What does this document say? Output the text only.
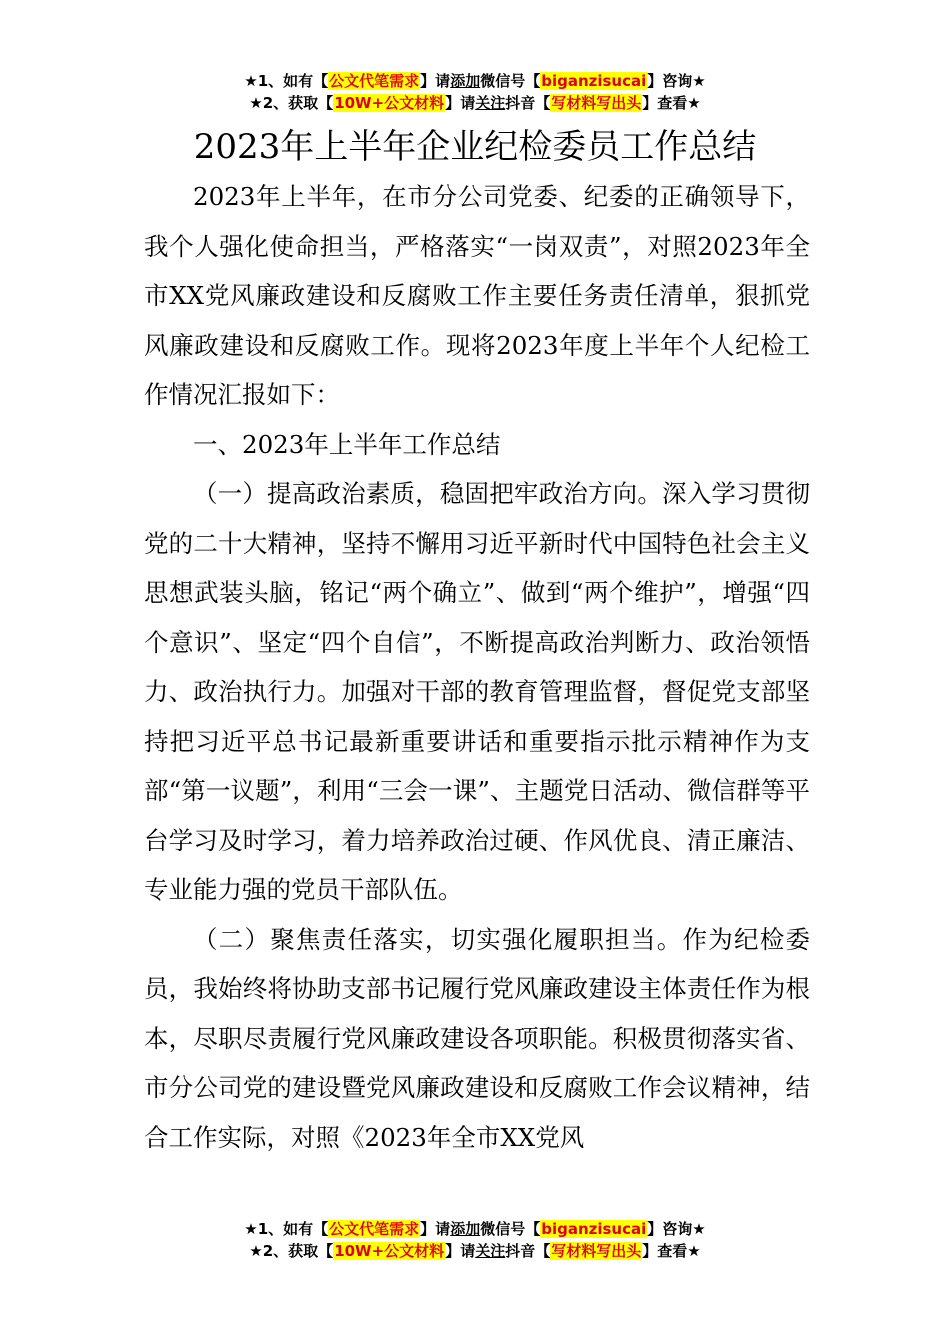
★1、如有【公文代笔需求】请添加微信号【biganzisucai】咨询★
★2、获取【10W+公文材料】请关注抖音【写材料写出头】查看★
2023年上半年企业纪检委员工作总结

2023年上半年，在市分公司党委、纪委的正确领导下，我个人强化使命担当，严格落实“一岗双责”，对照2023年全市XX党风廉政建设和反腐败工作主要任务责任清单，狠抓党风廉政建设和反腐败工作。现将2023年度上半年个人纪检工作情况汇报如下：

一、2023年上半年工作总结

（一）提高政治素质，稳固把牢政治方向。深入学习贯彻党的二十大精神，坚持不懈用习近平新时代中国特色社会主义思想武装头脑，铭记“两个确立”、做到“两个维护”，增强“四个意识”、坚定“四个自信”，不断提高政治判断力、政治领悟力、政治执行力。加强对干部的教育管理监督，督促党支部坚持把习近平总书记最新重要讲话和重要指示批示精神作为支部“第一议题”，利用“三会一课”、主题党日活动、微信群等平台学习及时学习，着力培养政治过硬、作风优良、清正廉洁、专业能力强的党员干部队伍。

（二）聚焦责任落实，切实强化履职担当。作为纪检委员，我始终将协助支部书记履行党风廉政建设主体责任作为根本，尽职尽责履行党风廉政建设各项职能。积极贯彻落实省、市分公司党的建设暨党风廉政建设和反腐败工作会议精神，结合工作实际，对照《2023年全市XX党风

★1、如有【公文代笔需求】请添加微信号【biganzisucai】咨询★
★2、获取【10W+公文材料】请关注抖音【写材料写出头】查看★
